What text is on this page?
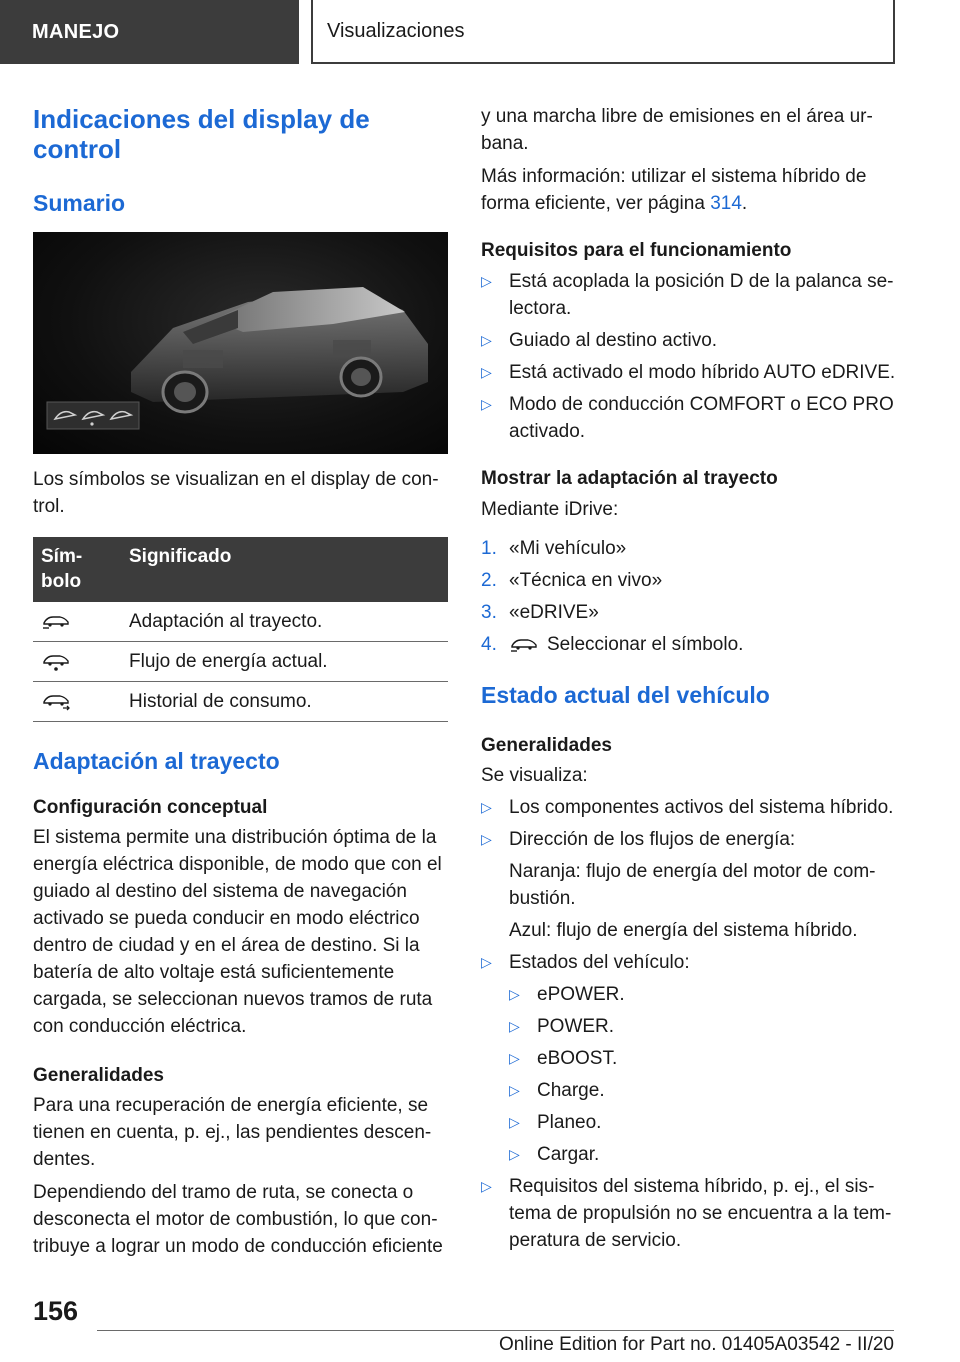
MANEJO	Visualizaciones
Indicaciones del display de control
Sumario

Los símbolos se visualizan en el display de control.

Símbolo	Significado
	Adaptación al trayecto.
	Flujo de energía actual.
	Historial de consumo.
Adaptación al trayecto
Configuración conceptual

El sistema permite una distribución óptima de la energía eléctrica disponible, de modo que con el guiado al destino del sistema de navegación activado se pueda conducir en modo eléctrico dentro de ciudad y en el área de destino. Si la batería de alto voltaje está suficientemente cargada, se seleccionan nuevos tramos de ruta con conducción eléctrica.

Generalidades

Para una recuperación de energía eficiente, se tienen en cuenta, p. ej., las pendientes descendentes.

Dependiendo del tramo de ruta, se conecta o desconecta el motor de combustión, lo que contribuye a lograr un modo de conducción eficiente

y una marcha libre de emisiones en el área urbana.

Más información: utilizar el sistema híbrido de forma eficiente, ver página 314.

Requisitos para el funcionamiento
▷ Está acoplada la posición D de la palanca selectora.
▷ Guiado al destino activo.
▷ Está activado el modo híbrido AUTO eDRIVE.
▷ Modo de conducción COMFORT o ECO PRO activado.
Mostrar la adaptación al trayecto

Mediante iDrive:

1. «Mi vehículo»
2. «Técnica en vivo»
3. «eDRIVE»
4.	Seleccionar el símbolo.
Estado actual del vehículo
Generalidades

Se visualiza:

▷ Los componentes activos del sistema híbrido.
▷ Dirección de los flujos de energía:

Naranja: flujo de energía del motor de combustión.

Azul: flujo de energía del sistema híbrido.

▷ Estados del vehículo:
▷ ePOWER.
▷ POWER.
▷ eBOOST.
▷ Charge.
▷ Planeo.
▷ Cargar.
▷ Requisitos del sistema híbrido, p. ej., el sistema de propulsión no se encuentra a la temperatura de servicio.
156
Online Edition for Part no. 01405A03542 - II/20
